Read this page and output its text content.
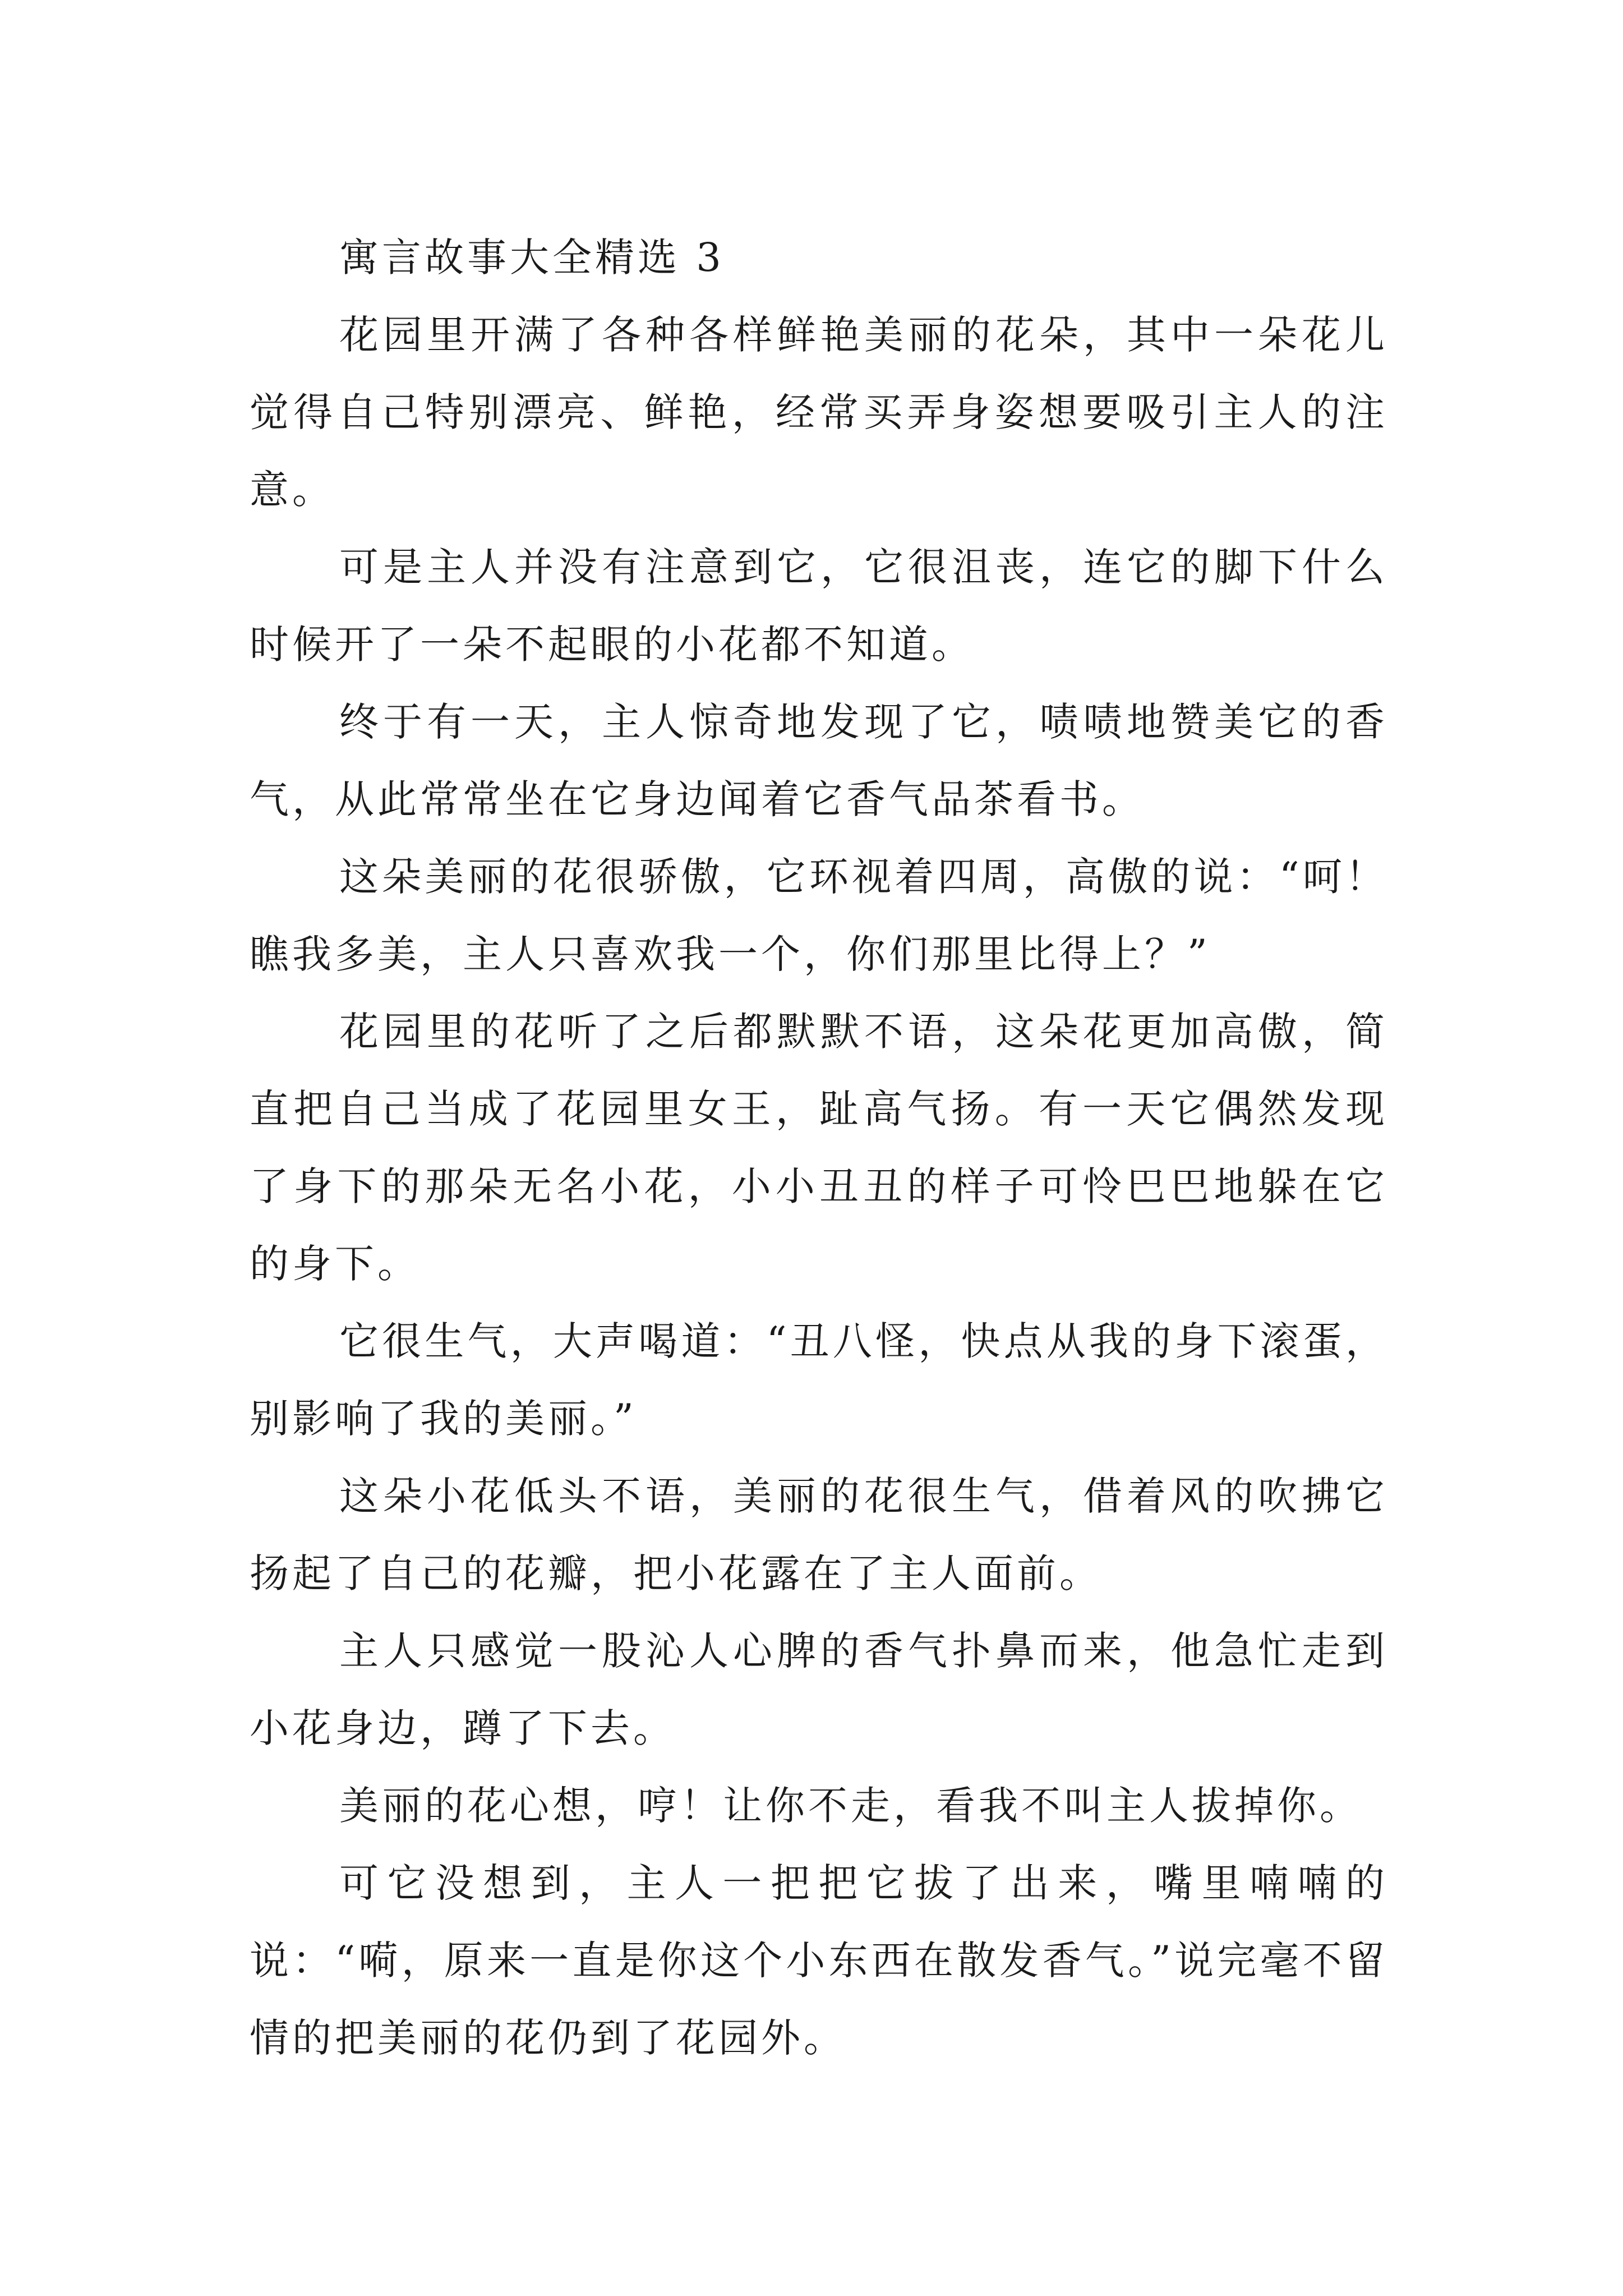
寓言故事大全精选 3

花园里开满了各种各样鲜艳美丽的花朵，其中一朵花儿觉得自己特别漂亮、鲜艳，经常买弄身姿想要吸引主人的注意。

可是主人并没有注意到它，它很沮丧，连它的脚下什么时候开了一朵不起眼的小花都不知道。

终于有一天，主人惊奇地发现了它，啧啧地赞美它的香气，从此常常坐在它身边闻着它香气品茶看书。

这朵美丽的花很骄傲，它环视着四周，高傲的说：“呵！瞧我多美，主人只喜欢我一个，你们那里比得上？”

花园里的花听了之后都默默不语，这朵花更加高傲，简直把自己当成了花园里女王，趾高气扬。有一天它偶然发现了身下的那朵无名小花，小小丑丑的样子可怜巴巴地躲在它的身下。

它很生气，大声喝道：“丑八怪，快点从我的身下滚蛋，别影响了我的美丽。”

这朵小花低头不语，美丽的花很生气，借着风的吹拂它扬起了自己的花瓣，把小花露在了主人面前。

主人只感觉一股沁人心脾的香气扑鼻而来，他急忙走到小花身边，蹲了下去。

美丽的花心想，哼！让你不走，看我不叫主人拔掉你。

可它没想到，主人一把把它拔了出来，嘴里喃喃的说：“嗬，原来一直是你这个小东西在散发香气。”说完毫不留情的把美丽的花仍到了花园外。
